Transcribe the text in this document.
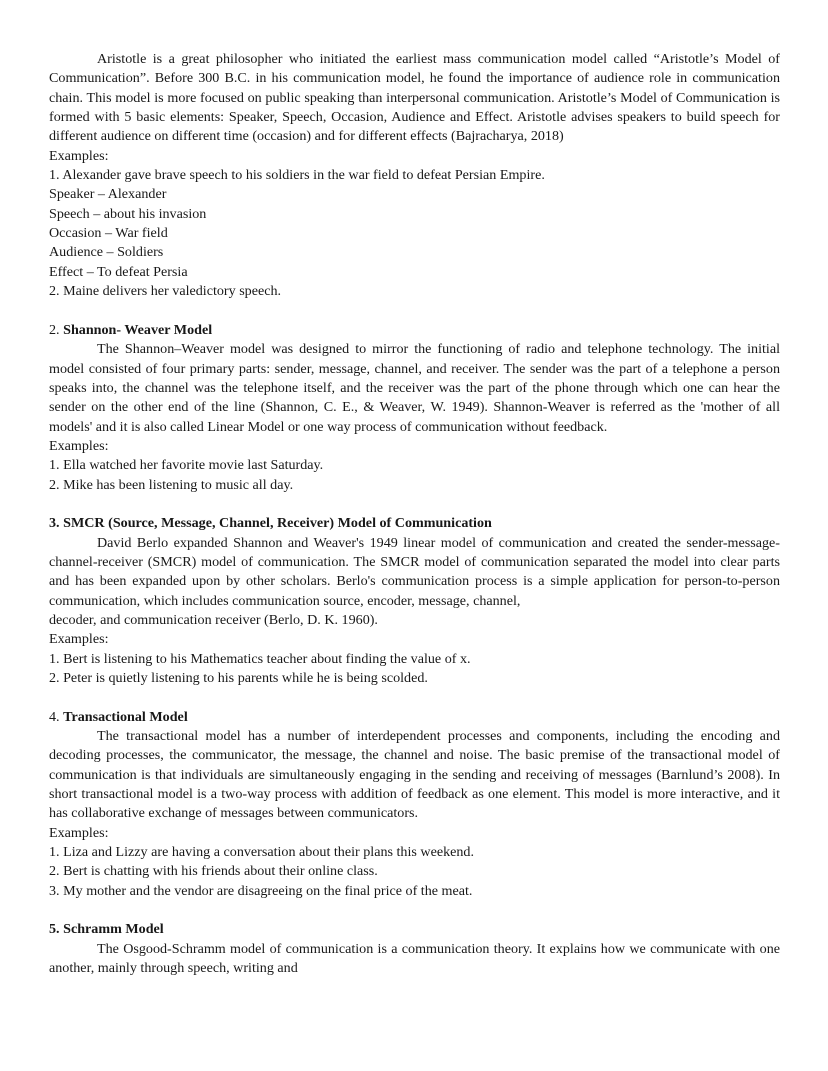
Aristotle is a great philosopher who initiated the earliest mass communication model called “Aristotle’s Model of Communication”. Before 300 B.C. in his communication model, he found the importance of audience role in communication chain. This model is more focused on public speaking than interpersonal communication. Aristotle’s Model of Communication is formed with 5 basic elements: Speaker, Speech, Occasion, Audience and Effect. Aristotle advises speakers to build speech for different audience on different time (occasion) and for different effects (Bajracharya, 2018)

Examples:

1. Alexander gave brave speech to his soldiers in the war field to defeat Persian Empire.

Speaker – Alexander

Speech – about his invasion

Occasion – War field

Audience – Soldiers

Effect – To defeat Persia

2. Maine delivers her valedictory speech.

2. Shannon- Weaver Model

The Shannon–Weaver model was designed to mirror the functioning of radio and telephone technology. The initial model consisted of four primary parts: sender, message, channel, and receiver. The sender was the part of a telephone a person speaks into, the channel was the telephone itself, and the receiver was the part of the phone through which one can hear the sender on the other end of the line (Shannon, C. E., & Weaver, W. 1949). Shannon-Weaver is referred as the 'mother of all models' and it is also called Linear Model or one way process of communication without feedback.

Examples:

1. Ella watched her favorite movie last Saturday.

2. Mike has been listening to music all day.

3. SMCR (Source, Message, Channel, Receiver) Model of Communication

David Berlo expanded Shannon and Weaver's 1949 linear model of communication and created the sender-message-channel-receiver (SMCR) model of communication. The SMCR model of communication separated the model into clear parts and has been expanded upon by other scholars. Berlo's communication process is a simple application for person-to-person communication, which includes communication source, encoder, message, channel,

decoder, and communication receiver (Berlo, D. K. 1960).

Examples:

1. Bert is listening to his Mathematics teacher about finding the value of x.

2. Peter is quietly listening to his parents while he is being scolded.

4. Transactional Model

The transactional model has a number of interdependent processes and components, including the encoding and decoding processes, the communicator, the message, the channel and noise. The basic premise of the transactional model of communication is that individuals are simultaneously engaging in the sending and receiving of messages (Barnlund’s 2008). In short transactional model is a two-way process with addition of feedback as one element. This model is more interactive, and it has collaborative exchange of messages between communicators.

Examples:

1. Liza and Lizzy are having a conversation about their plans this weekend.

2. Bert is chatting with his friends about their online class.

3. My mother and the vendor are disagreeing on the final price of the meat.

5. Schramm Model

The Osgood-Schramm model of communication is a communication theory. It explains how we communicate with one another, mainly through speech, writing and
